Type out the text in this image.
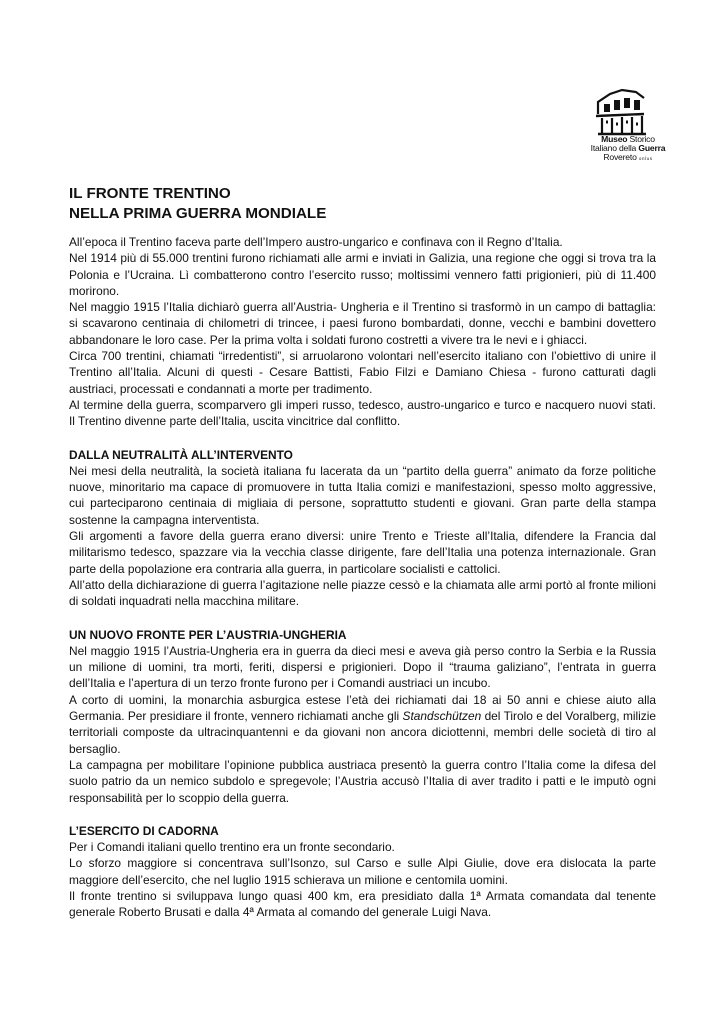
Museo Storico
Italiano della Guerra
Rovereto onlus
IL FRONTE TRENTINO
NELLA PRIMA GUERRA MONDIALE

All’epoca il Trentino faceva parte dell’Impero austro-ungarico e confinava con il Regno d’Italia.

Nel 1914 più di 55.000 trentini furono richiamati alle armi e inviati in Galizia, una regione che oggi si trova tra la Polonia e l’Ucraina. Lì combatterono contro l’esercito russo; moltissimi vennero fatti prigionieri, più di 11.400 morirono.

Nel maggio 1915 l’Italia dichiarò guerra all’Austria- Ungheria e il Trentino si trasformò in un campo di battaglia: si scavarono centinaia di chilometri di trincee, i paesi furono bombardati, donne, vecchi e bambini dovettero abbandonare le loro case. Per la prima volta i soldati furono costretti a vivere tra le nevi e i ghiacci.

Circa 700 trentini, chiamati “irredentisti”, si arruolarono volontari nell’esercito italiano con l’obiettivo di unire il Trentino all’Italia. Alcuni di questi - Cesare Battisti, Fabio Filzi e Damiano Chiesa - furono catturati dagli austriaci, processati e condannati a morte per tradimento.

Al termine della guerra, scomparvero gli imperi russo, tedesco, austro-ungarico e turco e nacquero nuovi stati. Il Trentino divenne parte dell’Italia, uscita vincitrice dal conflitto.

DALLA NEUTRALITÀ ALL’INTERVENTO

Nei mesi della neutralità, la società italiana fu lacerata da un “partito della guerra” animato da forze politiche nuove, minoritario ma capace di promuovere in tutta Italia comizi e manifestazioni, spesso molto aggressive, cui parteciparono centinaia di migliaia di persone, soprattutto studenti e giovani. Gran parte della stampa sostenne la campagna interventista.

Gli argomenti a favore della guerra erano diversi: unire Trento e Trieste all’Italia, difendere la Francia dal militarismo tedesco, spazzare via la vecchia classe dirigente, fare dell’Italia una potenza internazionale. Gran parte della popolazione era contraria alla guerra, in particolare socialisti e cattolici.

All’atto della dichiarazione di guerra l’agitazione nelle piazze cessò e la chiamata alle armi portò al fronte milioni di soldati inquadrati nella macchina militare.

UN NUOVO FRONTE PER L’AUSTRIA-UNGHERIA

Nel maggio 1915 l’Austria-Ungheria era in guerra da dieci mesi e aveva già perso contro la Serbia e la Russia un milione di uomini, tra morti, feriti, dispersi e prigionieri. Dopo il “trauma galiziano”, l’entrata in guerra dell’Italia e l’apertura di un terzo fronte furono per i Comandi austriaci un incubo.

A corto di uomini, la monarchia asburgica estese l’età dei richiamati dai 18 ai 50 anni e chiese aiuto alla Germania. Per presidiare il fronte, vennero richiamati anche gli Standschützen del Tirolo e del Voralberg, milizie territoriali composte da ultracinquantenni e da giovani non ancora diciottenni, membri delle società di tiro al bersaglio.

La campagna per mobilitare l’opinione pubblica austriaca presentò la guerra contro l’Italia come la difesa del suolo patrio da un nemico subdolo e spregevole; l’Austria accusò l’Italia di aver tradito i patti e le imputò ogni responsabilità per lo scoppio della guerra.

L’ESERCITO DI CADORNA

Per i Comandi italiani quello trentino era un fronte secondario.

Lo sforzo maggiore si concentrava sull’Isonzo, sul Carso e sulle Alpi Giulie, dove era dislocata la parte maggiore dell’esercito, che nel luglio 1915 schierava un milione e centomila uomini.

Il fronte trentino si sviluppava lungo quasi 400 km, era presidiato dalla 1ª Armata comandata dal tenente generale Roberto Brusati e dalla 4ª Armata al comando del generale Luigi Nava.
